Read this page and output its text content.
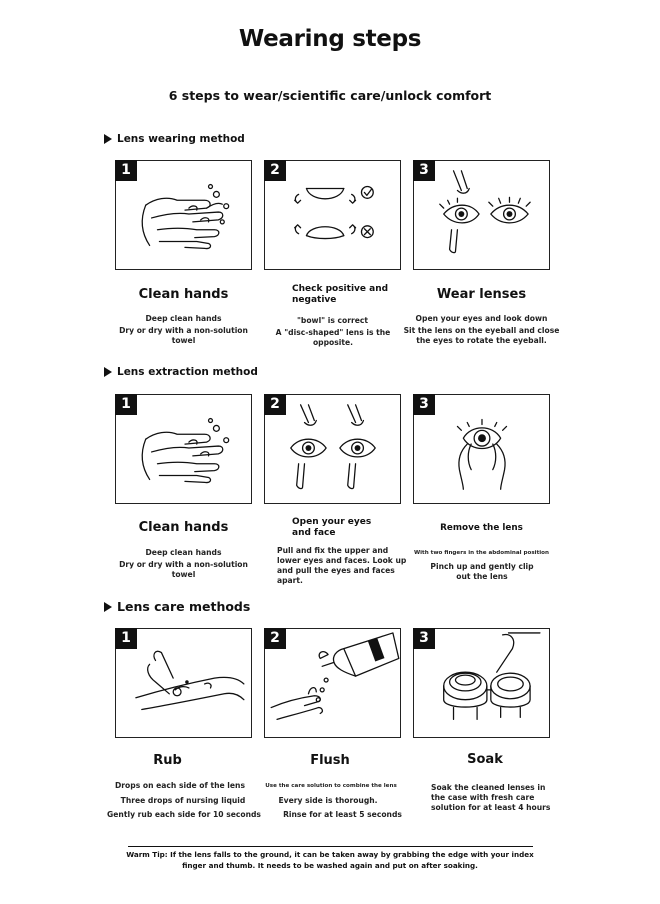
Wearing steps
6 steps to wear/scientific care/unlock comfort
Lens wearing method
1	2	3
Clean hands
Deep clean hands
Dry or dry with a non-solution towel
Check positive and negative
"bowl" is correct
A "disc-shaped" lens is the opposite.
Wear lenses
Open your eyes and look down
Sit the lens on the eyeball and close the eyes to rotate the eyeball.
Lens extraction method
1	2	3
Clean hands
Deep clean hands
Dry or dry with a non-solution towel
Open your eyes and face
Pull and fix the upper and lower eyes and faces. Look up and pull the eyes and faces apart.
Remove the lens
With two fingers in the abdominal position
Pinch up and gently clip out the lens
Lens care methods
1	2	3
Rub
Drops on each side of the lens
Three drops of nursing liquid
Gently rub each side for 10 seconds
Flush
Use the care solution to combine the lens
Every side is thorough.
Rinse for at least 5 seconds
Soak
Soak the cleaned lenses in the case with fresh care solution for at least 4 hours
Warm Tip: If the lens falls to the ground, it can be taken away by grabbing the edge with your index finger and thumb. It needs to be washed again and put on after soaking.
